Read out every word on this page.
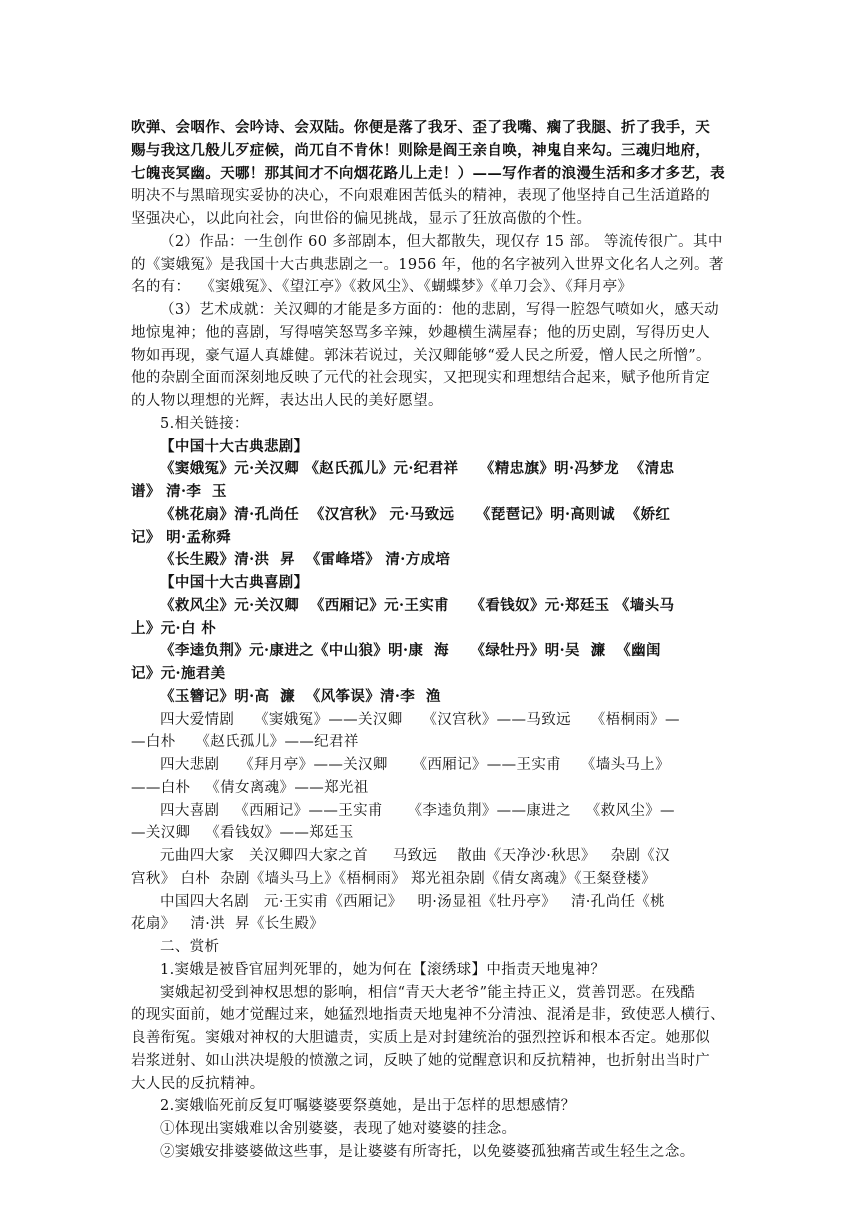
吹弹、会咽作、会吟诗、会双陆。你便是落了我牙、歪了我嘴、瘸了我腿、折了我手，天
赐与我这几般儿歹症候，尚兀自不肯休！则除是阎王亲自唤，神鬼自来勾。三魂归地府，
七魄丧冥幽。天哪！那其间才不向烟花路儿上走！）——写作者的浪漫生活和多才多艺，表
明决不与黑暗现实妥协的决心，不向艰难困苦低头的精神，表现了他坚持自己生活道路的
坚强决心，以此向社会，向世俗的偏见挑战，显示了狂放高傲的个性。
（2）作品：一生创作 60 多部剧本，但大都散失，现仅存 15 部。 等流传很广。其中
的《窦娥冤》是我国十大古典悲剧之一。1956 年，他的名字被列入世界文化名人之列。著
名的有：  《窦娥冤》、《望江亭》《救风尘》、《蝴蝶梦》《单刀会》、《拜月亭》
（3）艺术成就：关汉卿的才能是多方面的：他的悲剧，写得一腔怨气喷如火，感天动
地惊鬼神；他的喜剧，写得嘻笑怒骂多辛辣，妙趣横生满屋春；他的历史剧，写得历史人
物如再现，豪气逼人真雄健。郭沫若说过，关汉卿能够“爱人民之所爱，憎人民之所憎”。
他的杂剧全面而深刻地反映了元代的社会现实，又把现实和理想结合起来，赋予他所肯定
的人物以理想的光辉，表达出人民的美好愿望。
5.相关链接：
【中国十大古典悲剧】
《窦娥冤》元·关汉卿 《赵氏孤儿》元·纪君祥    《精忠旗》明·冯梦龙  《清忠
谱》 清·李  玉
《桃花扇》清·孔尚任  《汉宫秋》 元·马致远    《琵琶记》明·高则诚  《娇红
记》 明·孟称舜
《长生殿》清·洪  昇  《雷峰塔》 清·方成培
【中国十大古典喜剧】
《救风尘》元·关汉卿  《西厢记》元·王实甫    《看钱奴》元·郑廷玉 《墙头马
上》元·白 朴
《李逵负荆》元·康进之《中山狼》明·康  海    《绿牡丹》明·吴  濂  《幽闺
记》元·施君美
《玉簪记》明·高  濂  《风筝误》清·李  渔
四大爱情剧    《窦娥冤》——关汉卿    《汉宫秋》——马致远    《梧桐雨》—
—白朴    《赵氏孤儿》——纪君祥
四大悲剧    《拜月亭》——关汉卿     《西厢记》——王实甫    《墙头马上》
——白朴   《倩女离魂》——郑光祖
四大喜剧   《西厢记》——王实甫     《李逵负荆》——康进之   《救风尘》—
—关汉卿   《看钱奴》——郑廷玉
元曲四大家   关汉卿四大家之首     马致远    散曲《天净沙·秋思》   杂剧《汉
宫秋》 白朴  杂剧《墙头马上》《梧桐雨》 郑光祖杂剧《倩女离魂》《王粲登楼》
中国四大名剧   元·王实甫《西厢记》   明·汤显祖《牡丹亭》   清·孔尚任《桃
花扇》   清·洪  昇《长生殿》
二、赏析
1.窦娥是被昏官屈判死罪的，她为何在【滚绣球】中指责天地鬼神？
窦娥起初受到神权思想的影响，相信“青天大老爷”能主持正义，赏善罚恶。在残酷
的现实面前，她才觉醒过来，她猛烈地指责天地鬼神不分清浊、混淆是非，致使恶人横行、
良善衔冤。窦娥对神权的大胆谴责，实质上是对封建统治的强烈控诉和根本否定。她那似
岩浆迸射、如山洪决堤般的愤激之词，反映了她的觉醒意识和反抗精神，也折射出当时广
大人民的反抗精神。
2.窦娥临死前反复叮嘱婆婆要祭奠她，是出于怎样的思想感情？
①体现出窦娥难以舍别婆婆，表现了她对婆婆的挂念。
②窦娥安排婆婆做这些事，是让婆婆有所寄托，以免婆婆孤独痛苦或生轻生之念。
